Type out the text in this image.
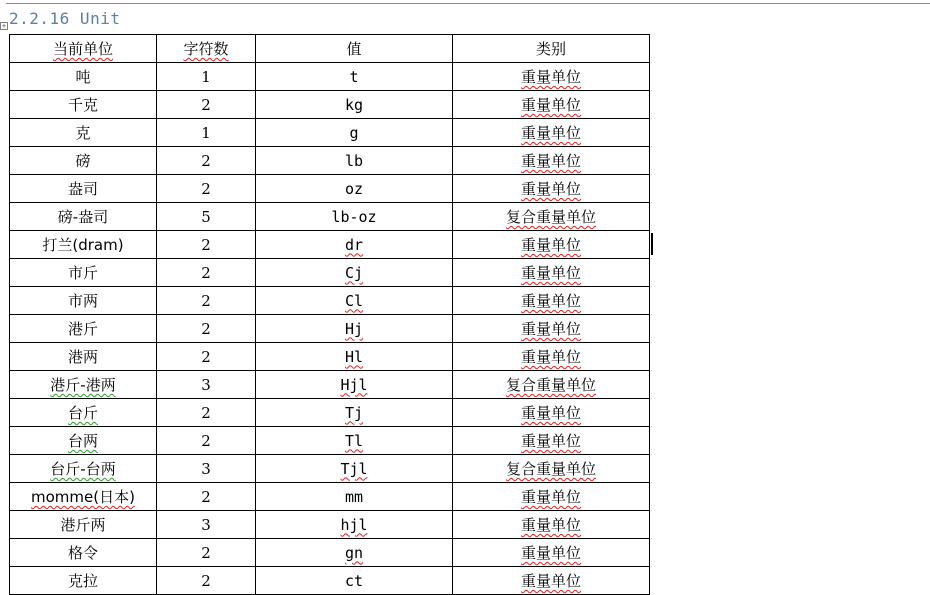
+ 2.2.16 Unit
当前单位	字符数	值	类别
吨	1	t	重量单位
千克	2	kg	重量单位
克	1	g	重量单位
磅	2	lb	重量单位
盎司	2	oz	重量单位
磅-盎司	5	lb-oz	复合重量单位
打兰(dram)	2	dr	重量单位
市斤	2	Cj	重量单位
市两	2	Cl	重量单位
港斤	2	Hj	重量单位
港两	2	Hl	重量单位
港斤-港两	3	Hjl	复合重量单位
台斤	2	Tj	重量单位
台两	2	Tl	重量单位
台斤-台两	3	Tjl	复合重量单位
momme(日本)	2	mm	重量单位
港斤两	3	hjl	重量单位
格令	2	gn	重量单位
克拉	2	ct	重量单位
